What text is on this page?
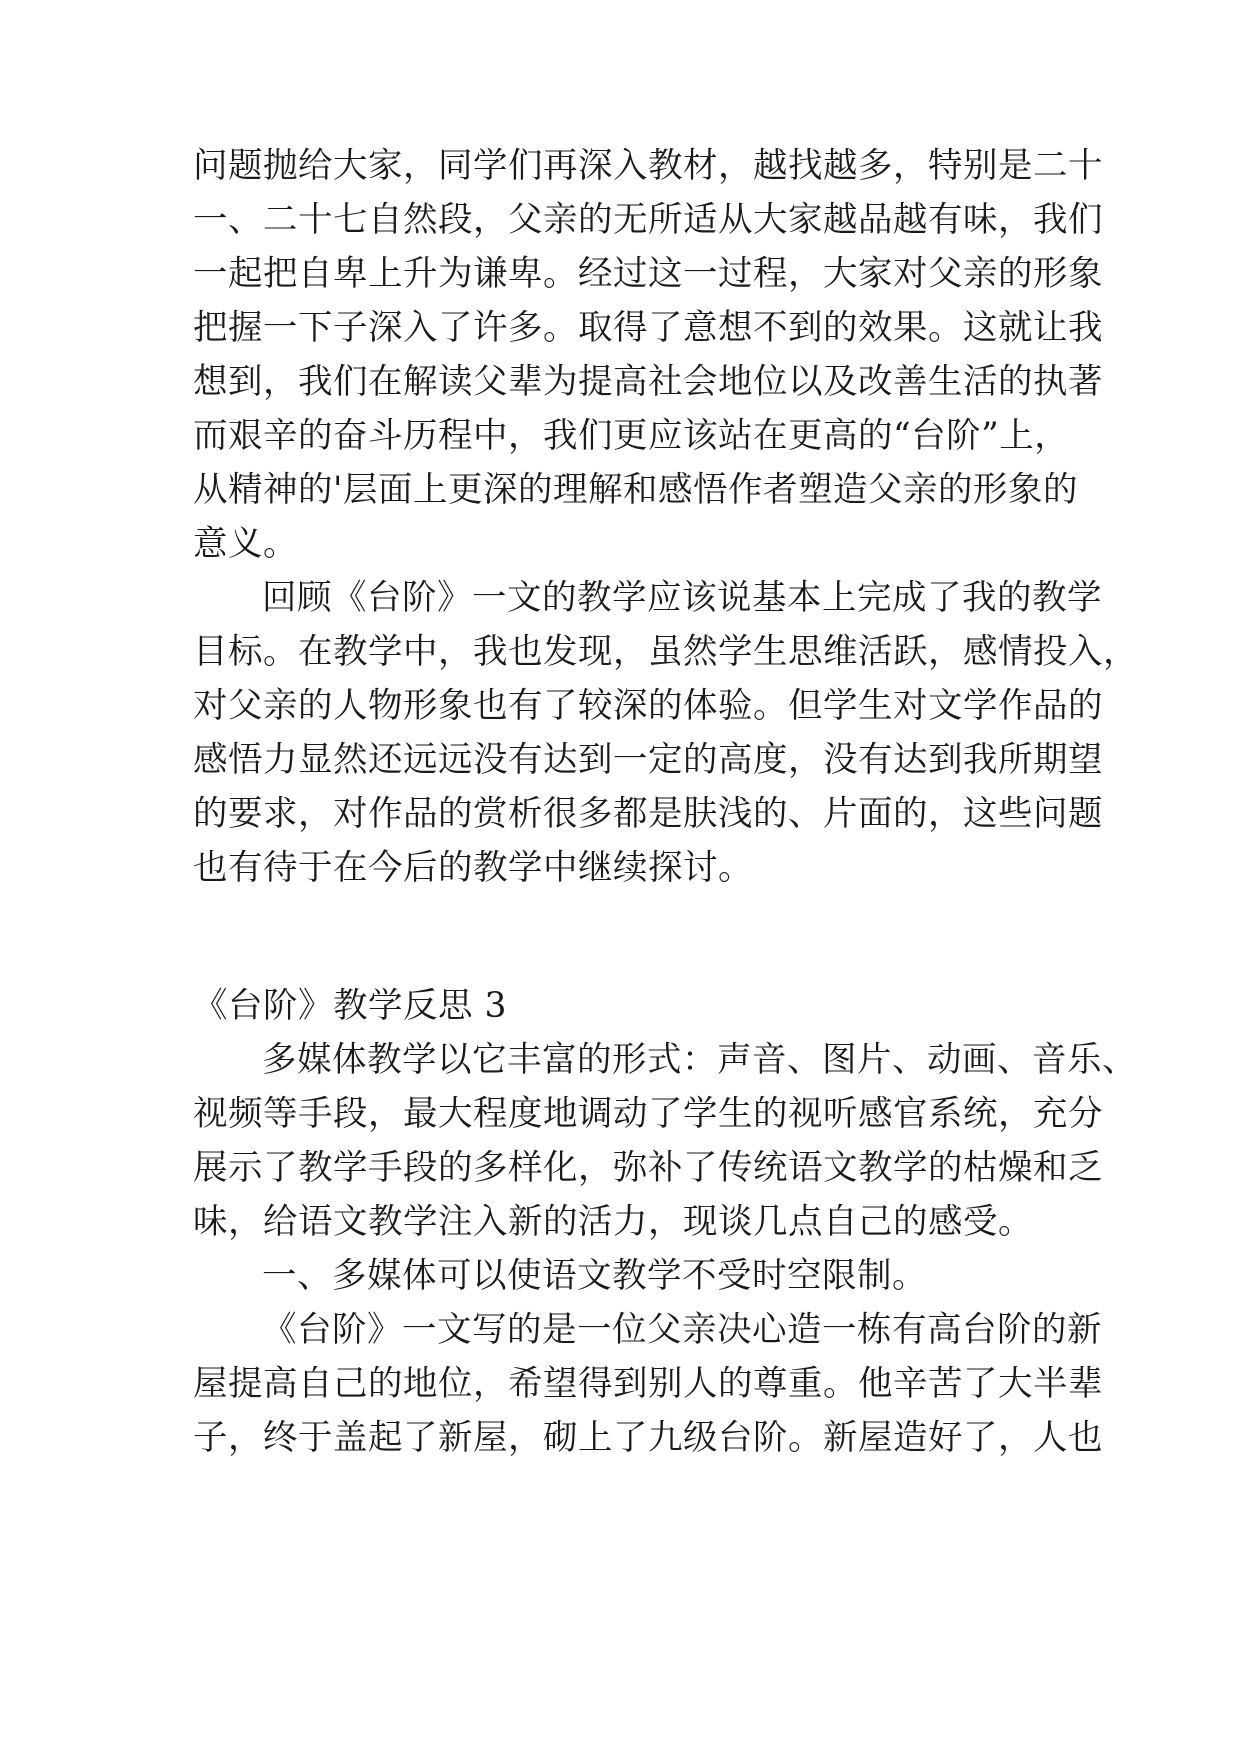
问题抛给大家，同学们再深入教材，越找越多，特别是二十
一、二十七自然段，父亲的无所适从大家越品越有味，我们
一起把自卑上升为谦卑。经过这一过程，大家对父亲的形象
把握一下子深入了许多。取得了意想不到的效果。这就让我
想到，我们在解读父辈为提高社会地位以及改善生活的执著
而艰辛的奋斗历程中，我们更应该站在更高的“台阶”上，
从精神的'层面上更深的理解和感悟作者塑造父亲的形象的
意义。
回顾《台阶》一文的教学应该说基本上完成了我的教学
目标。在教学中，我也发现，虽然学生思维活跃，感情投入，
对父亲的人物形象也有了较深的体验。但学生对文学作品的
感悟力显然还远远没有达到一定的高度，没有达到我所期望
的要求，对作品的赏析很多都是肤浅的、片面的，这些问题
也有待于在今后的教学中继续探讨。
《台阶》教学反思 3
多媒体教学以它丰富的形式：声音、图片、动画、音乐、
视频等手段，最大程度地调动了学生的视听感官系统，充分
展示了教学手段的多样化，弥补了传统语文教学的枯燥和乏
味，给语文教学注入新的活力，现谈几点自己的感受。
一、多媒体可以使语文教学不受时空限制。
《台阶》一文写的是一位父亲决心造一栋有高台阶的新
屋提高自己的地位，希望得到别人的尊重。他辛苦了大半辈
子，终于盖起了新屋，砌上了九级台阶。新屋造好了，人也
